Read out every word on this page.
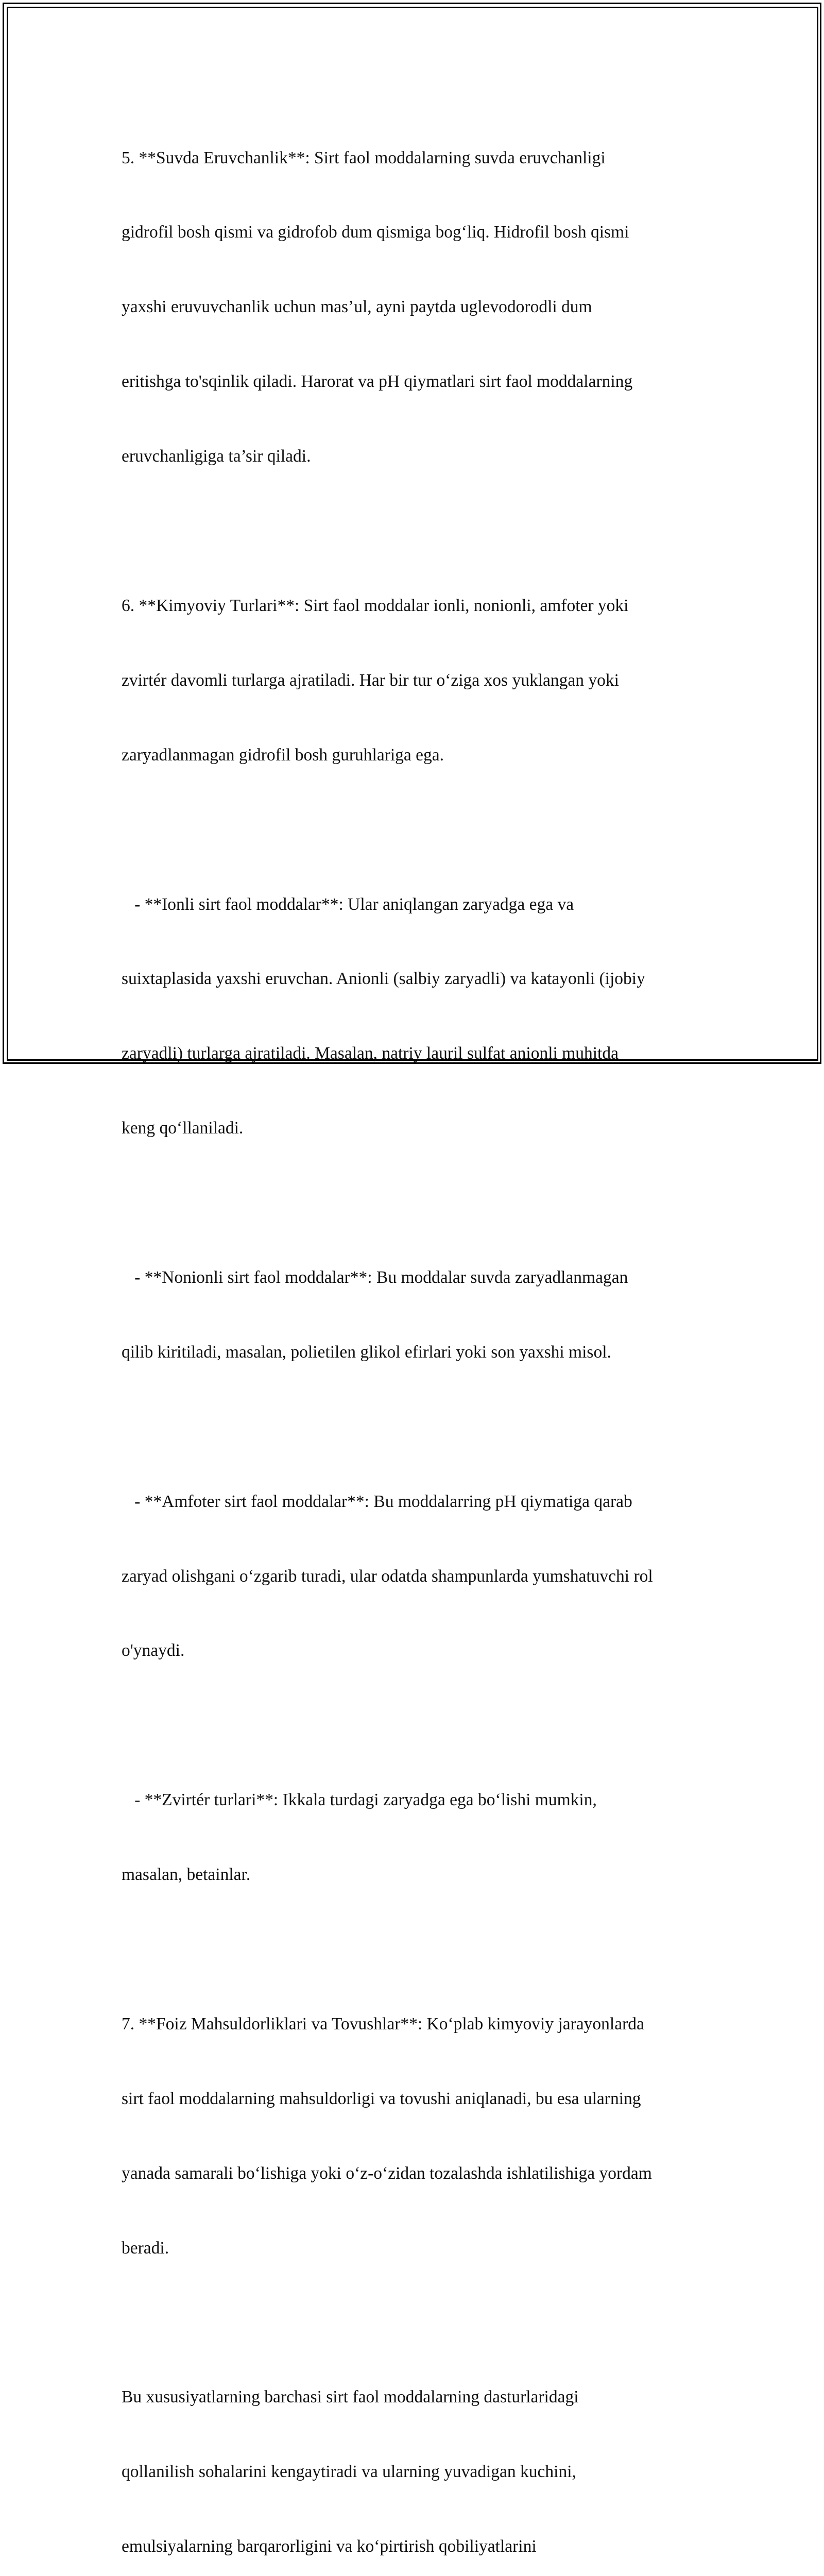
5. **Suvda Eruvchanlik**: Sirt faol moddalarning suvda eruvchanligi

gidrofil bosh qismi va gidrofob dum qismiga bog‘liq. Hidrofil bosh qismi

yaxshi eruvuvchanlik uchun mas’ul, ayni paytda uglevodorodli dum

eritishga to'sqinlik qiladi. Harorat va pH qiymatlari sirt faol moddalarning

eruvchanligiga ta’sir qiladi.

6. **Kimyoviy Turlari**: Sirt faol moddalar ionli, nonionli, amfoter yoki

zvirtér davomli turlarga ajratiladi. Har bir tur o‘ziga xos yuklangan yoki

zaryadlanmagan gidrofil bosh guruhlariga ega.

- **Ionli sirt faol moddalar**: Ular aniqlangan zaryadga ega va

suixtaplasida yaxshi eruvchan. Anionli (salbiy zaryadli) va katayonli (ijobiy

zaryadli) turlarga ajratiladi. Masalan, natriy lauril sulfat anionli muhitda

keng qo‘llaniladi.

- **Nonionli sirt faol moddalar**: Bu moddalar suvda zaryadlanmagan

qilib kiritiladi, masalan, polietilen glikol efirlari yoki son yaxshi misol.

- **Amfoter sirt faol moddalar**: Bu moddalarring pH qiymatiga qarab

zaryad olishgani o‘zgarib turadi, ular odatda shampunlarda yumshatuvchi rol

o'ynaydi.

- **Zvirtér turlari**: Ikkala turdagi zaryadga ega bo‘lishi mumkin,

masalan, betainlar.

7. **Foiz Mahsuldorliklari va Tovushlar**: Ko‘plab kimyoviy jarayonlarda

sirt faol moddalarning mahsuldorligi va tovushi aniqlanadi, bu esa ularning

yanada samarali bo‘lishiga yoki o‘z-o‘zidan tozalashda ishlatilishiga yordam

beradi.

Bu xususiyatlarning barchasi sirt faol moddalarning dasturlaridagi

qollanilish sohalarini kengaytiradi va ularning yuvadigan kuchini,

emulsiyalarning barqarorligini va ko‘pirtirish qobiliyatlarini
